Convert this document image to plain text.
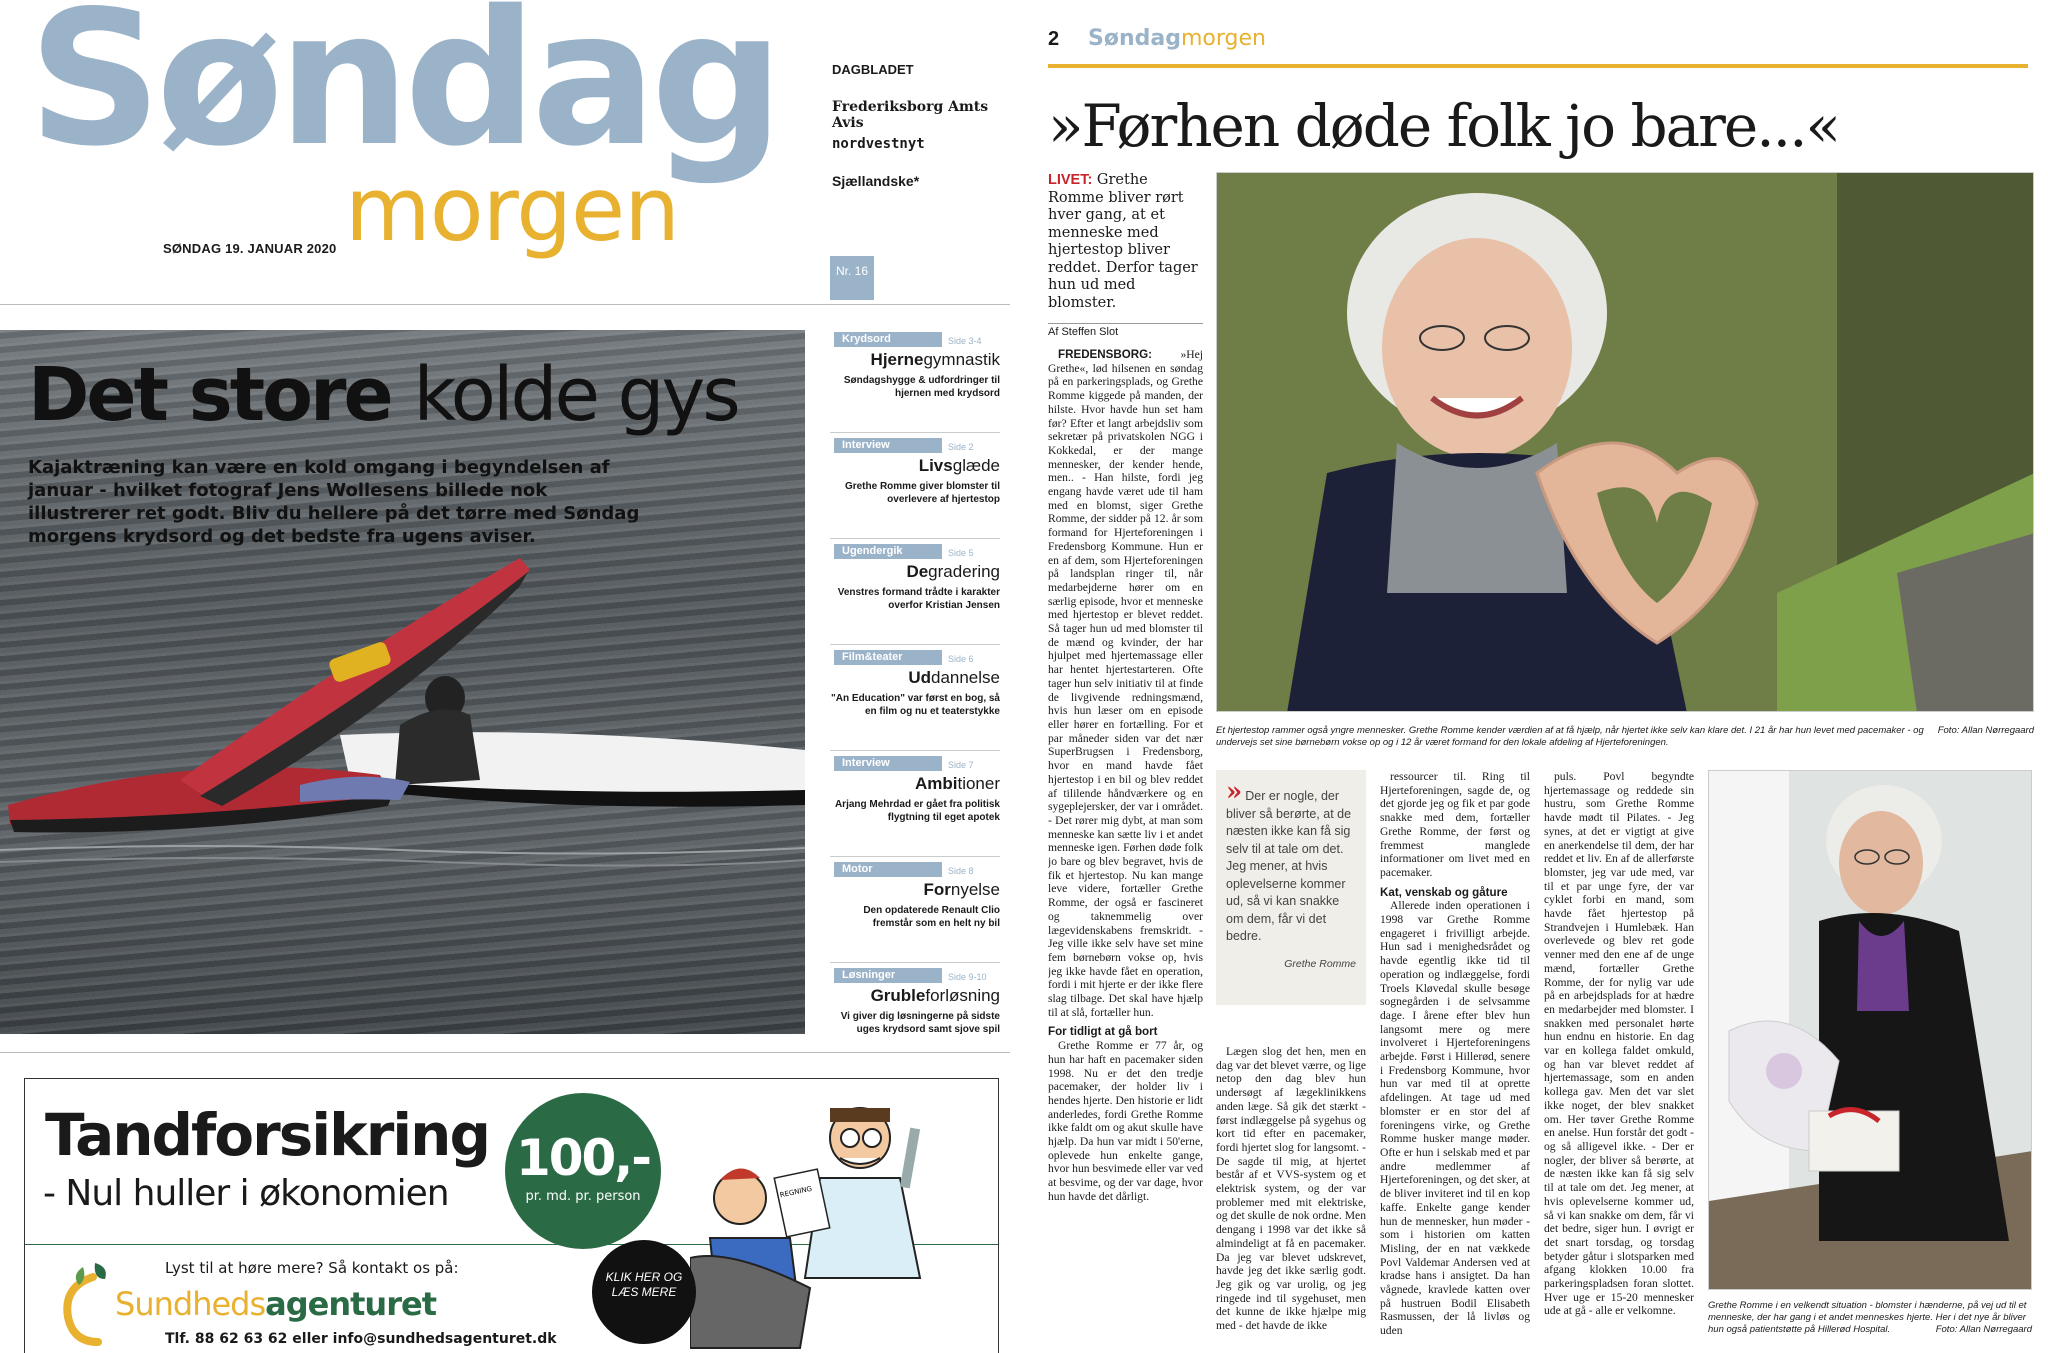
Søndag
morgen
SØNDAG 19. JANUAR 2020
DAGBLADET
Frederiksborg Amts Avis
nordvestnyt
Sjællandske*
Nr. 16
Det store kolde gys
Kajaktræning kan være en kold omgang i begyndelsen af januar - hvilket fotograf Jens Wollesens billede nok illustrerer ret godt. Bliv du hellere på det tørre med Søndag morgens krydsord og det bedste fra ugens aviser.
Krydsord	Side 3-4
Hjernegymnastik
Søndagshygge & udfordringer til hjernen med krydsord
Interview	Side 2
Livsglæde
Grethe Romme giver blomster til overlevere af hjertestop
Ugendergik	Side 5
Degradering
Venstres formand trådte i karakter overfor Kristian Jensen
Film&teater	Side 6
Uddannelse
"An Education" var først en bog, så en film og nu et teaterstykke
Interview	Side 7
Ambitioner
Arjang Mehrdad er gået fra politisk flygtning til eget apotek
Motor	Side 8
Fornyelse
Den opdaterede Renault Clio fremstår som en helt ny bil
Løsninger	Side 9-10
Grubleforløsning
Vi giver dig løsningerne på sidste uges krydsord samt sjove spil
Tandforsikring
- Nul huller i økonomien
100,-
pr. md. pr. person
Lyst til at høre mere? Så kontakt os på:
Sundhedsagenturet
Tlf. 88 62 63 62 eller info@sundhedsagenturet.dk
REGNING
KLIK HER OG LÆS MERE
2 Søndagmorgen
»Førhen døde folk jo bare...«
LIVET: Grethe Romme bliver rørt hver gang, at et menneske med hjertestop bliver reddet. Derfor tager hun ud med blomster.
Af Steffen Slot

FREDENSBORG: »Hej Grethe«, lød hilsenen en søndag på en parkeringsplads, og Grethe Romme kiggede på manden, der hilste. Hvor havde hun set ham før? Efter et langt arbejdsliv som sekretær på privatskolen NGG i Kokkedal, er der mange mennesker, der kender hende, men.. - Han hilste, fordi jeg engang havde været ude til ham med en blomst, siger Grethe Romme, der sidder på 12. år som formand for Hjerteforeningen i Fredensborg Kommune. Hun er en af dem, som Hjerteforeningen på landsplan ringer til, når medarbejderne hører om en særlig episode, hvor et menneske med hjertestop er blevet reddet. Så tager hun ud med blomster til de mænd og kvinder, der har hjulpet med hjertemassage eller har hentet hjertestarteren. Ofte tager hun selv initiativ til at finde de livgivende redningsmænd, hvis hun læser om en episode eller hører en fortælling. For et par måneder siden var det nær SuperBrugsen i Fredensborg, hvor en mand havde fået hjertestop i en bil og blev reddet af tililende håndværkere og en sygeplejersker, der var i området. - Det rører mig dybt, at man som menneske kan sætte liv i et andet menneske igen. Førhen døde folk jo bare og blev begravet, hvis de fik et hjertestop. Nu kan mange leve videre, fortæller Grethe Romme, der også er fascineret og taknemmelig over lægevidenskabens fremskridt. - Jeg ville ikke selv have set mine fem børnebørn vokse op, hvis jeg ikke havde fået en operation, fordi i mit hjerte er der ikke flere slag tilbage. Det skal have hjælp til at slå, fortæller hun.

For tidligt at gå bort

Grethe Romme er 77 år, og hun har haft en pacemaker siden 1998. Nu er det den tredje pacemaker, der holder liv i hendes hjerte. Den historie er lidt anderledes, fordi Grethe Romme ikke faldt om og akut skulle have hjælp. Da hun var midt i 50'erne, oplevede hun enkelte gange, hvor hun besvimede eller var ved at besvime, og der var dage, hvor hun havde det dårligt.

Foto: Allan Nørregaard
Et hjertestop rammer også yngre mennesker. Grethe Romme kender værdien af at få hjælp, når hjertet ikke selv kan klare det. I 21 år har hun levet med pacemaker - og undervejs set sine børnebørn vokse op og i 12 år været formand for den lokale afdeling af Hjerteforeningen.
» Der er nogle, der bliver så berørte, at de næsten ikke kan få sig selv til at tale om det. Jeg mener, at hvis oplevelserne kommer ud, så vi kan snakke om dem, får vi det bedre.
Grethe Romme

Lægen slog det hen, men en dag var det blevet værre, og lige netop den dag blev hun undersøgt af lægeklinikkens anden læge. Så gik det stærkt - først indlæggelse på sygehus og kort tid efter en pacemaker, fordi hjertet slog for langsomt. - De sagde til mig, at hjertet består af et VVS-system og et elektrisk system, og der var problemer med mit elektriske, og det skulle de nok ordne. Men dengang i 1998 var det ikke så almindeligt at få en pacemaker. Da jeg var blevet udskrevet, havde jeg det ikke særlig godt. Jeg gik og var urolig, og jeg ringede ind til sygehuset, men det kunne de ikke hjælpe mig med - det havde de ikke

ressourcer til. Ring til Hjerteforeningen, sagde de, og det gjorde jeg og fik et par gode snakke med dem, fortæller Grethe Romme, der først og fremmest manglede informationer om livet med en pacemaker.

Kat, venskab og gåture

Allerede inden operationen i 1998 var Grethe Romme engageret i frivilligt arbejde. Hun sad i menighedsrådet og havde egentlig ikke tid til operation og indlæggelse, fordi Troels Kløvedal skulle besøge sognegården i de selvsamme dage. I årene efter blev hun langsomt mere og mere involveret i Hjerteforeningens arbejde. Først i Hillerød, senere i Fredensborg Kommune, hvor hun var med til at oprette afdelingen. At tage ud med blomster er en stor del af foreningens virke, og Grethe Romme husker mange møder. Ofte er hun i selskab med et par andre medlemmer af Hjerteforeningen, og det sker, at de bliver inviteret ind til en kop kaffe. Enkelte gange kender hun de mennesker, hun møder - som i historien om katten Misling, der en nat vækkede Povl Valdemar Andersen ved at kradse hans i ansigtet. Da han vågnede, kravlede katten over på hustruen Bodil Elisabeth Rasmussen, der lå livløs og uden

puls. Povl begyndte hjertemassage og reddede sin hustru, som Grethe Romme havde mødt til Pilates. - Jeg synes, at det er vigtigt at give en anerkendelse til dem, der har reddet et liv. En af de allerførste blomster, jeg var ude med, var til et par unge fyre, der var cyklet forbi en mand, som havde fået hjertestop på Strandvejen i Humlebæk. Han overlevede og blev ret gode venner med den ene af de unge mænd, fortæller Grethe Romme, der for nylig var ude på en arbejdsplads for at hædre en medarbejder med blomster. I snakken med personalet hørte hun endnu en historie. En dag var en kollega faldet omkuld, og han var blevet reddet af hjertemassage, som en anden kollega gav. Men det var slet ikke noget, der blev snakket om. Her tøver Grethe Romme en anelse. Hun forstår det godt - og så alligevel ikke. - Der er nogler, der bliver så berørte, at de næsten ikke kan få sig selv til at tale om det. Jeg mener, at hvis oplevelserne kommer ud, så vi kan snakke om dem, får vi det bedre, siger hun. I øvrigt er det snart torsdag, og torsdag betyder gåtur i slotsparken med afgang klokken 10.00 fra parkeringspladsen foran slottet. Hver uge er 15-20 mennesker ude at gå - alle er velkomne.	Grethe Romme i en velkendt situation - blomster i hænderne, på vej ud til et menneske, der har gang i et andet menneskes hjerte. Her i det nye år bliver hun også patientstøtte på Hillerød Hospital.	Foto: Allan Nørregaard
